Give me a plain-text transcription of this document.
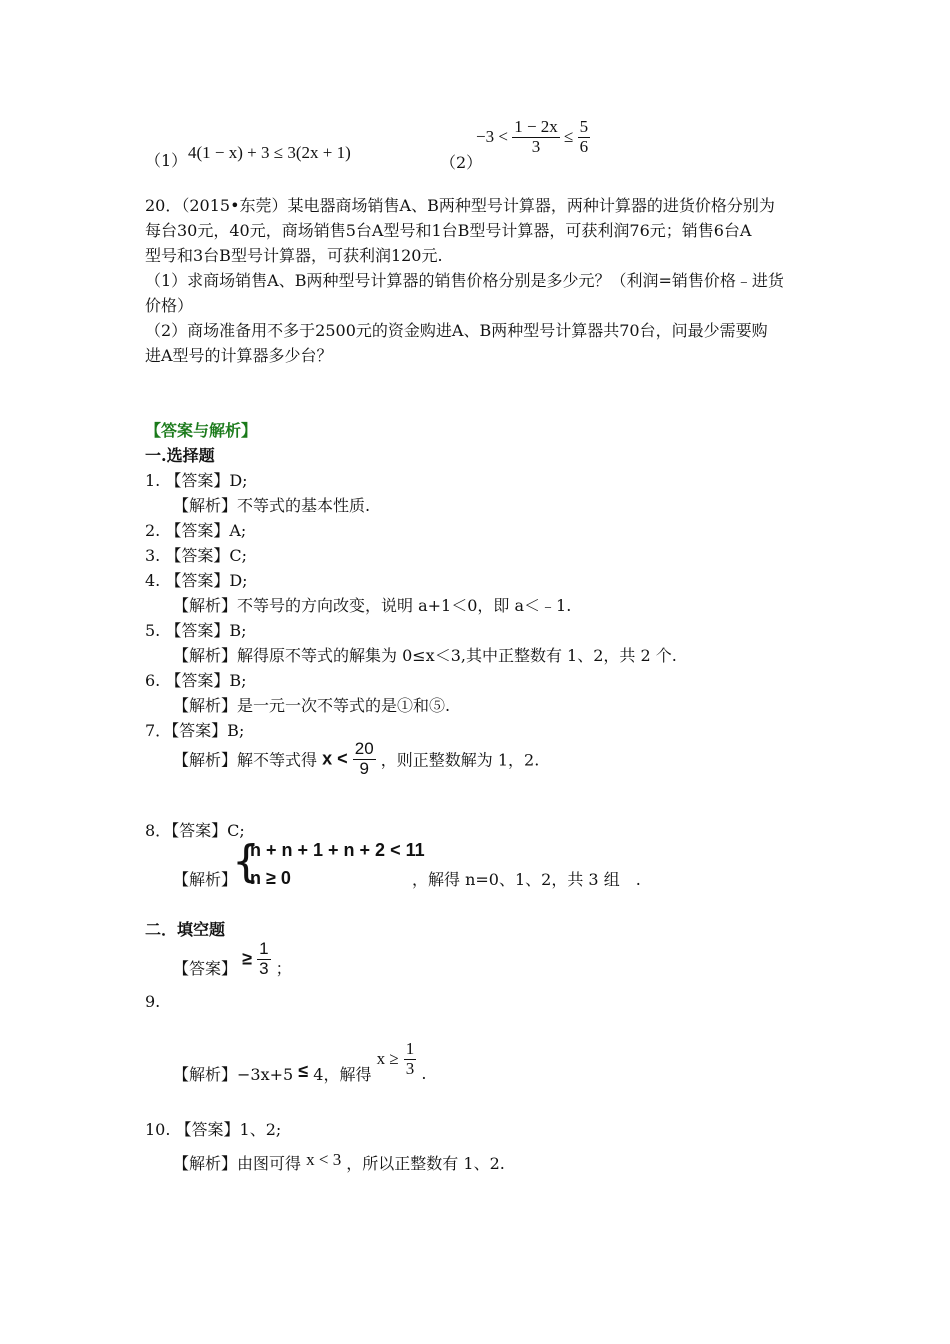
（1） 4(1 − x) + 3 ≤ 3(2x + 1)
（2）
$-3 < \frac{1 - 2x}{3} \le \frac{5}{6}$
20．（2015•东莞）某电器商场销售A、B两种型号计算器，两种计算器的进货价格分别为
每台30元，40元，商场销售5台A型号和1台B型号计算器，可获利润76元；销售6台A
型号和3台B型号计算器，可获利润120元.
（1）求商场销售A、B两种型号计算器的销售价格分别是多少元？（利润=销售价格﹣进货
价格）
（2）商场准备用不多于2500元的资金购进A、B两种型号计算器共70台，问最少需要购
进A型号的计算器多少台？
【答案与解析】
一.选择题
1. 【答案】D;
【解析】不等式的基本性质.
2. 【答案】A;
3. 【答案】C;
4. 【答案】D;
【解析】不等号的方向改变，说明 a+1＜0，即 a＜﹣1.
5. 【答案】B;
【解析】解得原不等式的解集为 0≤x＜3,其中正整数有 1、2，共 2 个.
6. 【答案】B;
【解析】是一元一次不等式的是①和⑤.
7．【答案】B;
【解析】解不等式得 $x < \frac{20}{9}$ ，则正整数解为 1，2.
8．【答案】C;
【解析】
{
n + n + 1 + n + 2 < 11
n ≥ 0	，解得 n=0、1、2，共 3 组　.
二．填空题
9.
【答案】 ≥ $\frac{1}{3}$ ；
【解析】−3x+5 ≤ 4，解得 $x \ge \frac{1}{3}$ .
10. 【答案】1、2;
【解析】由图可得 x < 3 ，所以正整数有 1、2.
